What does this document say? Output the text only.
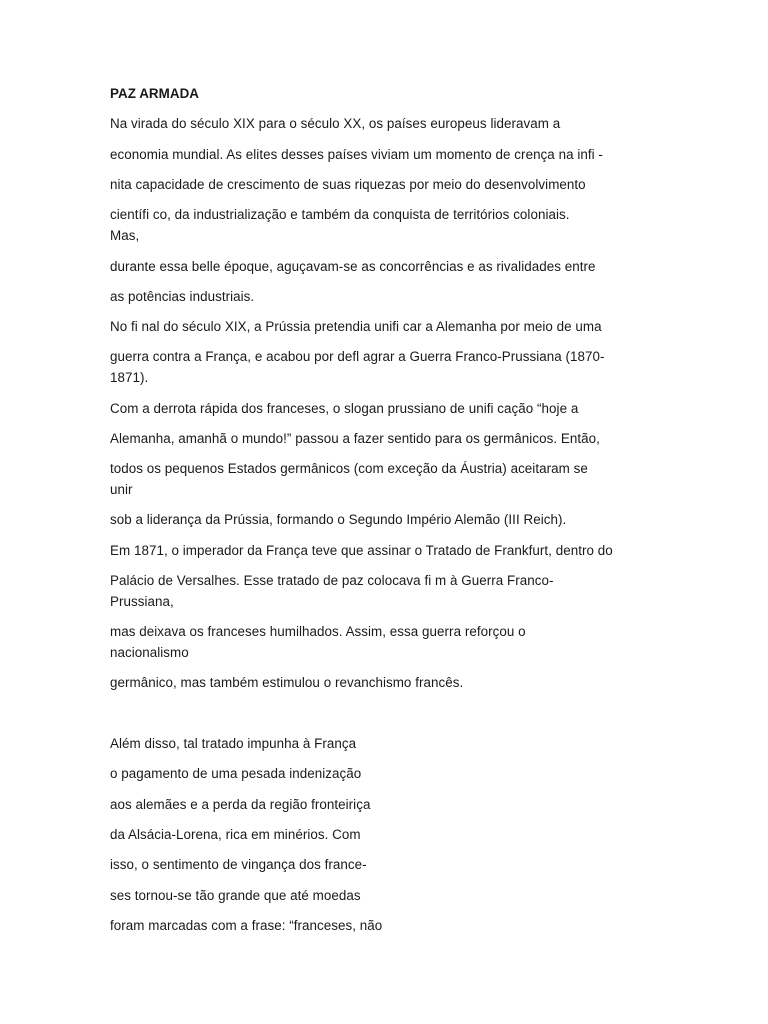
PAZ ARMADA
Na virada do século XIX para o século XX, os países europeus lideravam a
economia mundial. As elites desses países viviam um momento de crença na infi -
nita capacidade de crescimento de suas riquezas por meio do desenvolvimento
científi co, da industrialização e também da conquista de territórios coloniais.
Mas,
durante essa belle époque, aguçavam-se as concorrências e as rivalidades entre
as potências industriais.
No fi nal do século XIX, a Prússia pretendia unifi car a Alemanha por meio de uma
guerra contra a França, e acabou por defl agrar a Guerra Franco-Prussiana (1870-
1871).
Com a derrota rápida dos franceses, o slogan prussiano de unifi cação “hoje a
Alemanha, amanhã o mundo!” passou a fazer sentido para os germânicos. Então,
todos os pequenos Estados germânicos (com exceção da Áustria) aceitaram se
unir
sob a liderança da Prússia, formando o Segundo Império Alemão (III Reich).
Em 1871, o imperador da França teve que assinar o Tratado de Frankfurt, dentro do
Palácio de Versalhes. Esse tratado de paz colocava fi m à Guerra Franco-
Prussiana,
mas deixava os franceses humilhados. Assim, essa guerra reforçou o
nacionalismo
germânico, mas também estimulou o revanchismo francês.
Além disso, tal tratado impunha à França
o pagamento de uma pesada indenização
aos alemães e a perda da região fronteiriça
da Alsácia-Lorena, rica em minérios. Com
isso, o sentimento de vingança dos france-
ses tornou-se tão grande que até moedas
foram marcadas com a frase: “franceses, não
